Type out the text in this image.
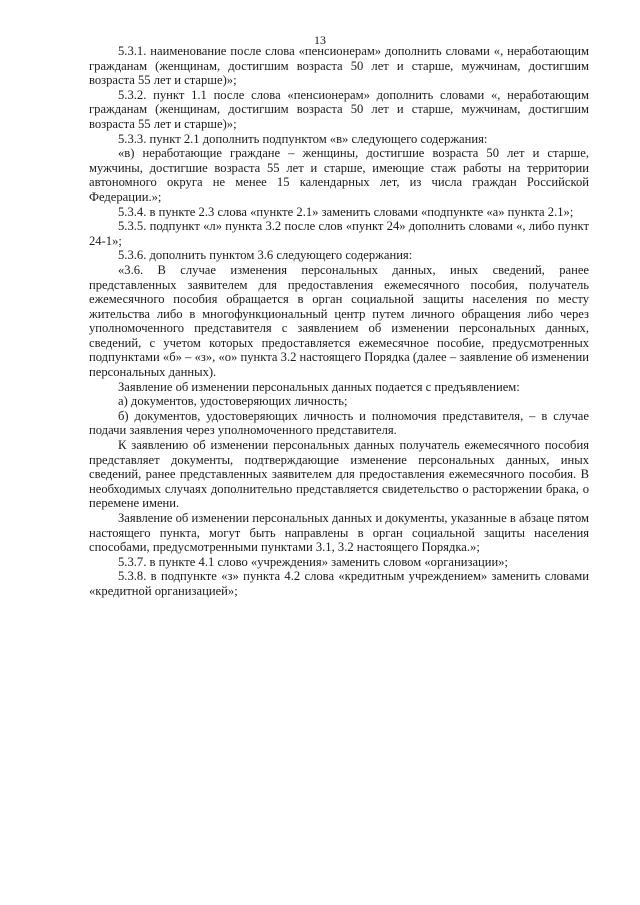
13

5.3.1. наименование после слова «пенсионерам» дополнить словами «, неработающим гражданам (женщинам, достигшим возраста 50 лет и старше, мужчинам, достигшим возраста 55 лет и старше)»;

5.3.2. пункт 1.1 после слова «пенсионерам» дополнить словами «, неработающим гражданам (женщинам, достигшим возраста 50 лет и старше, мужчинам, достигшим возраста 55 лет и старше)»;

5.3.3. пункт 2.1 дополнить подпунктом «в» следующего содержания:

«в) неработающие граждане – женщины, достигшие возраста 50 лет и старше, мужчины, достигшие возраста 55 лет и старше, имеющие стаж работы на территории автономного округа не менее 15 календарных лет, из числа граждан Российской Федерации.»;

5.3.4. в пункте 2.3 слова «пункте 2.1» заменить словами «подпункте «а» пункта 2.1»;

5.3.5. подпункт «л» пункта 3.2 после слов «пункт 24» дополнить словами «, либо пункт 24-1»;

5.3.6. дополнить пунктом 3.6 следующего содержания:

«3.6. В случае изменения персональных данных, иных сведений, ранее представленных заявителем для предоставления ежемесячного пособия, получатель ежемесячного пособия обращается в орган социальной защиты населения по месту жительства либо в многофункциональный центр путем личного обращения либо через уполномоченного представителя с заявлением об изменении персональных данных, сведений, с учетом которых предоставляется ежемесячное пособие, предусмотренных подпунктами «б» – «з», «о» пункта 3.2 настоящего Порядка (далее – заявление об изменении персональных данных).

Заявление об изменении персональных данных подается с предъявлением:

а) документов, удостоверяющих личность;

б) документов, удостоверяющих личность и полномочия представителя, – в случае подачи заявления через уполномоченного представителя.

К заявлению об изменении персональных данных получатель ежемесячного пособия представляет документы, подтверждающие изменение персональных данных, иных сведений, ранее представленных заявителем для предоставления ежемесячного пособия. В необходимых случаях дополнительно представляется свидетельство о расторжении брака, о перемене имени.

Заявление об изменении персональных данных и документы, указанные в абзаце пятом настоящего пункта, могут быть направлены в орган социальной защиты населения способами, предусмотренными пунктами 3.1, 3.2 настоящего Порядка.»;

5.3.7. в пункте 4.1 слово «учреждения» заменить словом «организации»;

5.3.8. в подпункте «з» пункта 4.2 слова «кредитным учреждением» заменить словами «кредитной организацией»;
